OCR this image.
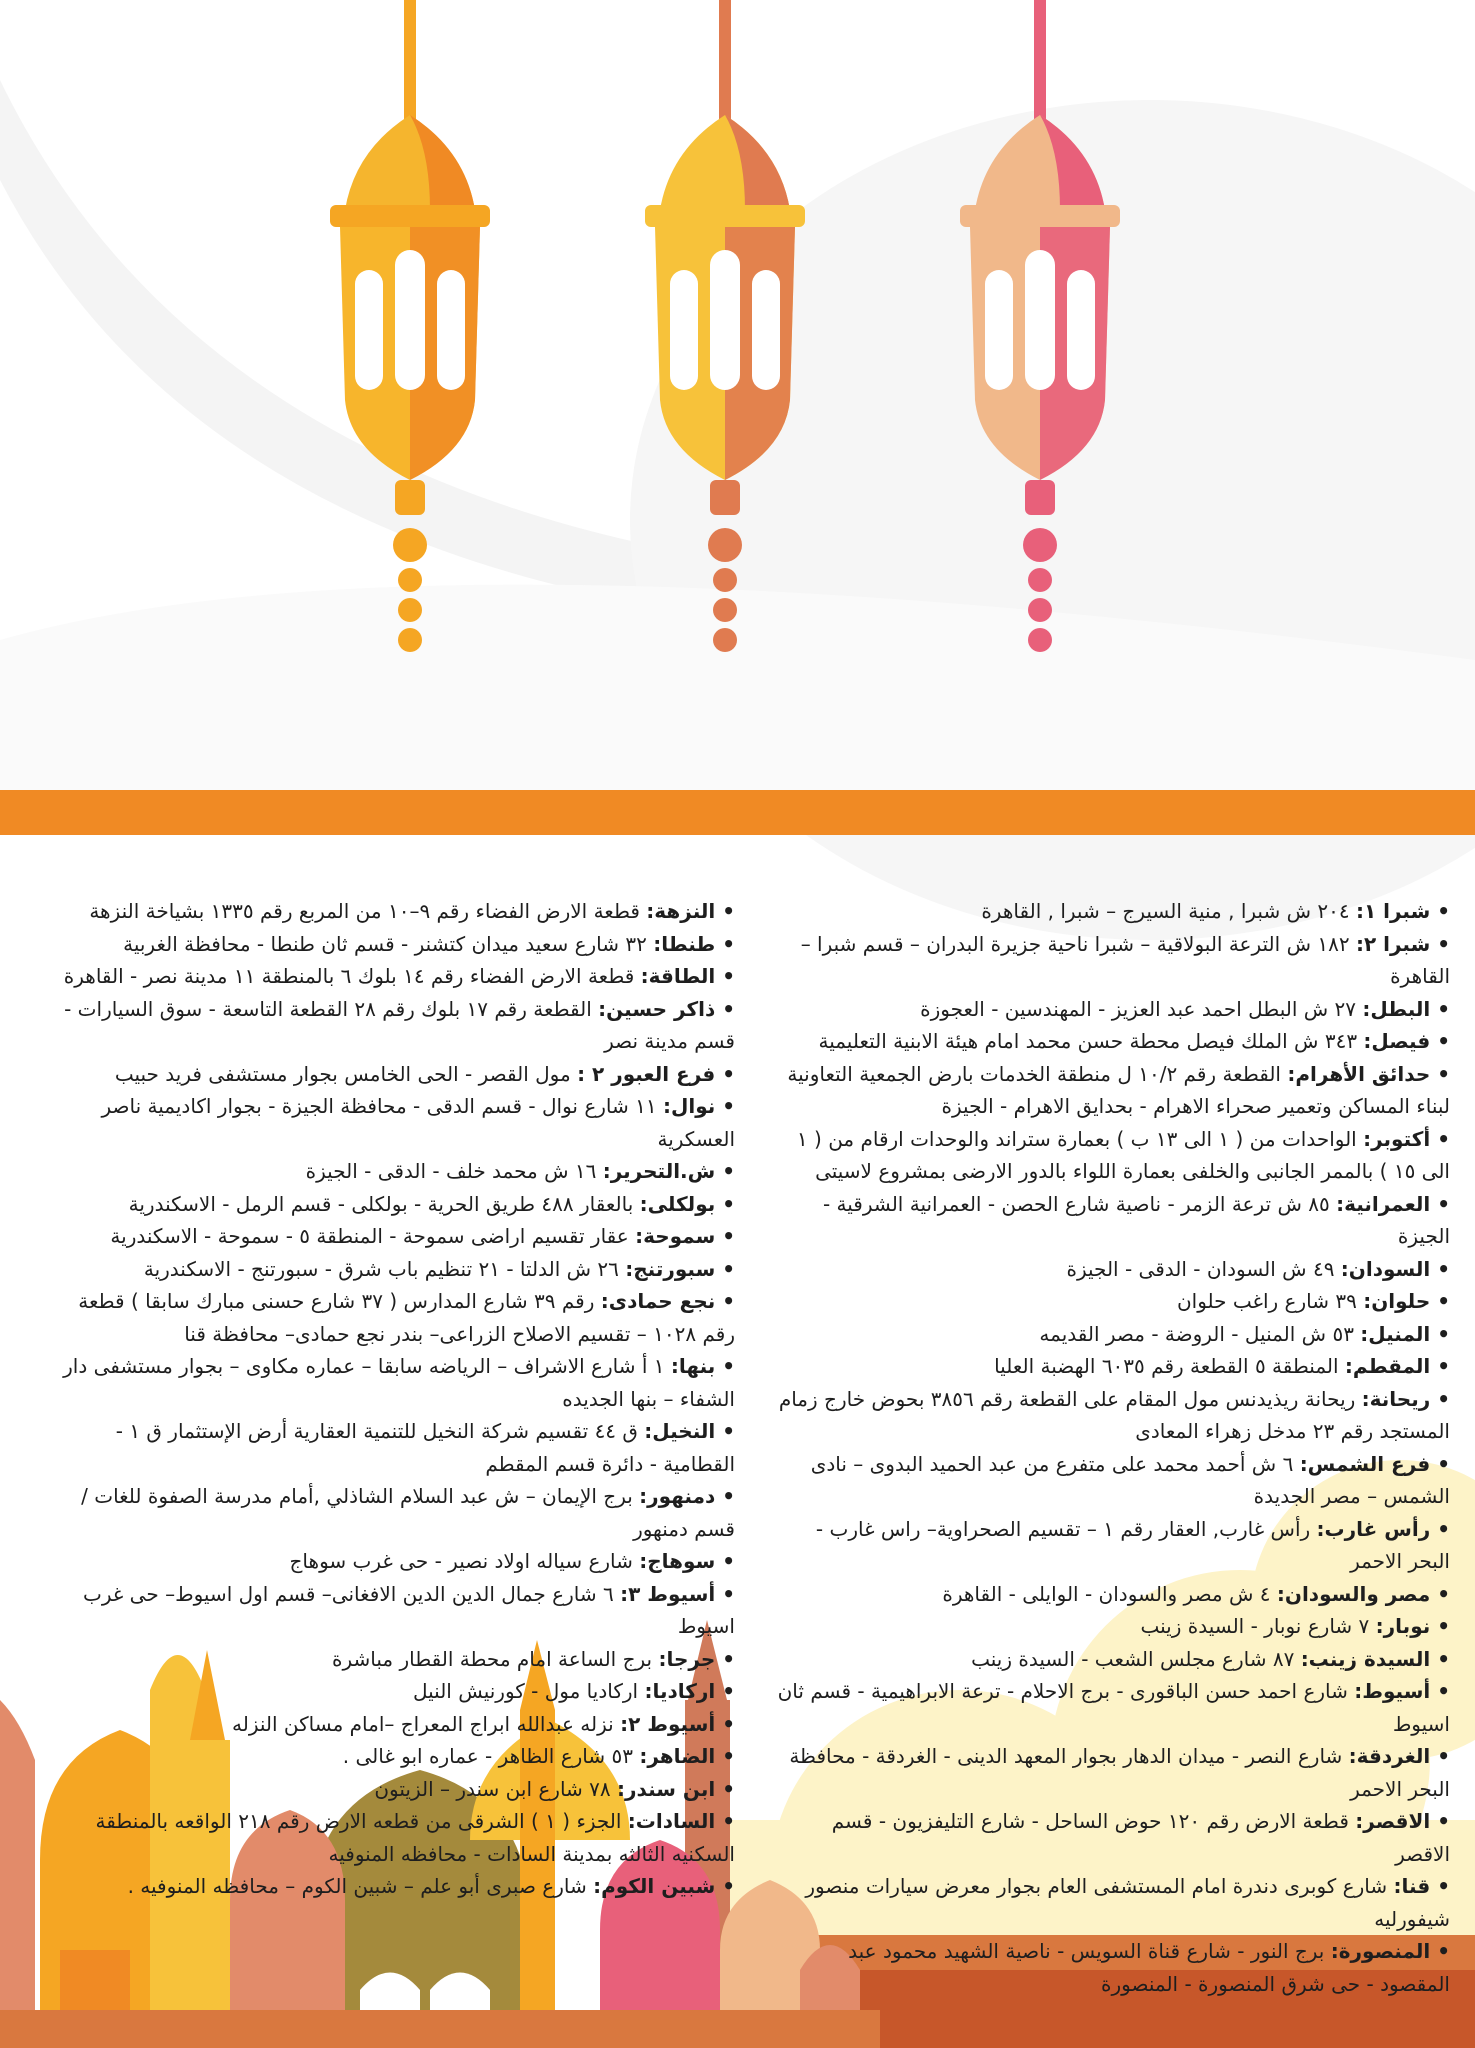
• شبرا ١: ٢٠٤ ش شبرا , منية السيرج – شبرا , القاهرة

• شبرا ٢: ١٨٢ ش الترعة البولاقية – شبرا ناحية جزيرة البدران – قسم شبرا – القاهرة

• البطل: ٢٧ ش البطل احمد عبد العزيز - المهندسين - العجوزة

• فيصل: ٣٤٣ ش الملك فيصل محطة حسن محمد امام هيئة الابنية التعليمية

• حدائق الأهرام: القطعة رقم ١٠/٢ ل منطقة الخدمات بارض الجمعية التعاونية لبناء المساكن وتعمير صحراء الاهرام - بحدايق الاهرام - الجيزة

• أكتوبر: الواحدات من ( ١ الى ١٣ ب ) بعمارة ستراند والوحدات ارقام من ( ١ الى ١٥ ) بالممر الجانبى والخلفى بعمارة اللواء بالدور الارضى بمشروع لاسيتى

• العمرانية: ٨٥ ش ترعة الزمر - ناصية شارع الحصن - العمرانية الشرقية - الجيزة

• السودان: ٤٩ ش السودان - الدقى - الجيزة

• حلوان: ٣٩ شارع راغب حلوان

• المنيل: ٥٣ ش المنيل - الروضة - مصر القديمه

• المقطم: المنطقة ٥ القطعة رقم ٦٠٣٥ الهضبة العليا

• ريحانة: ريحانة ريذيدنس مول المقام على القطعة رقم ٣٨٥٦ بحوض خارج زمام المستجد رقم ٢٣ مدخل زهراء المعادى

• فرع الشمس: ٦ ش أحمد محمد على متفرع من عبد الحميد البدوى – نادى الشمس – مصر الجديدة

• رأس غارب: رأس غارب, العقار رقم ١ – تقسيم الصحراوية– راس غارب - البحر الاحمر

• مصر والسودان: ٤ ش مصر والسودان - الوايلى - القاهرة

• نوبار: ٧ شارع نوبار - السيدة زينب

• السيدة زينب: ٨٧ شارع مجلس الشعب - السيدة زينب

• أسيوط: شارع احمد حسن الباقورى - برج الاحلام - ترعة الابراهيمية - قسم ثان اسيوط

• الغردقة: شارع النصر - ميدان الدهار بجوار المعهد الدينى - الغردقة - محافظة البحر الاحمر

• الاقصر: قطعة الارض رقم ١٢٠ حوض الساحل - شارع التليفزيون - قسم الاقصر

• قنا: شارع كوبرى دندرة امام المستشفى العام بجوار معرض سيارات منصور شيفورليه

• المنصورة: برج النور - شارع قناة السويس - ناصية الشهيد محمود عبد المقصود - حى شرق المنصورة - المنصورة

• النزهة: قطعة الارض الفضاء رقم ٩–١٠ من المربع رقم ١٣٣٥ بشياخة النزهة

• طنطا: ٣٢ شارع سعيد ميدان كتشنر - قسم ثان طنطا - محافظة الغربية

• الطاقة: قطعة الارض الفضاء رقم ١٤ بلوك ٦ بالمنطقة ١١ مدينة نصر - القاهرة

• ذاكر حسين: القطعة رقم ١٧ بلوك رقم ٢٨ القطعة التاسعة - سوق السيارات - قسم مدينة نصر

• فرع العبور ٢ : مول القصر - الحى الخامس بجوار مستشفى فريد حبيب

• نوال: ١١ شارع نوال - قسم الدقى - محافظة الجيزة - بجوار اكاديمية ناصر العسكرية

• ش.التحرير: ١٦ ش محمد خلف - الدقى - الجيزة

• بولكلى: بالعقار ٤٨٨ طريق الحرية - بولكلى - قسم الرمل - الاسكندرية

• سموحة: عقار تقسيم اراضى سموحة - المنطقة ٥ - سموحة - الاسكندرية

• سبورتنج: ٢٦ ش الدلتا - ٢١ تنظيم باب شرق - سبورتنج - الاسكندرية

• نجع حمادى: رقم ٣٩ شارع المدارس ( ٣٧ شارع حسنى مبارك سابقا ) قطعة رقم ١٠٢٨ – تقسيم الاصلاح الزراعى– بندر نجع حمادى– محافظة قنا

• بنها: ١ أ شارع الاشراف – الرياضه سابقا – عماره مكاوى – بجوار مستشفى دار الشفاء – بنها الجديده

• النخيل: ق ٤٤ تقسيم شركة النخيل للتنمية العقارية أرض الإستثمار ق ١ - القطامية - دائرة قسم المقطم

• دمنهور: برج الإيمان – ش عبد السلام الشاذلي ,أمام مدرسة الصفوة للغات /قسم دمنهور

• سوهاج: شارع سياله اولاد نصير - حى غرب سوهاج

• أسيوط ٣: ٦ شارع جمال الدين الدين الافغانى– قسم اول اسيوط– حى غرب اسيوط

• جرجا: برج الساعة امام محطة القطار مباشرة

• اركاديا: اركاديا مول - كورنيش النيل

• أسيوط ٢: نزله عبدالله ابراج المعراج –امام مساكن النزله

• الضاهر: ٥٣ شارع الظاهر - عماره ابو غالى .

• ابن سندر: ٧٨ شارع ابن سندر – الزيتون

• السادات: الجزء ( ١ ) الشرقى من قطعه الارض رقم ٢١٨ الواقعه بالمنطقة السكنيه الثالثه بمدينة السادات - محافظه المنوفيه

• شبين الكوم: شارع صبرى أبو علم – شبين الكوم – محافظه المنوفيه .
